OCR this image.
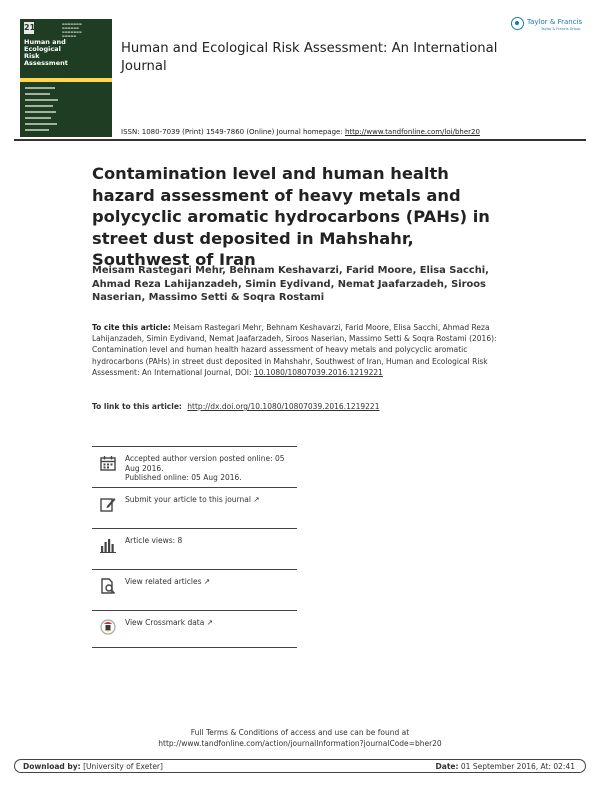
21	▬▬▬▬▬▬▬
▬▬▬▬▬▬
▬▬▬▬▬▬▬
▬▬▬▬▬
Human and
Ecological
Risk
Assessment
Human and Ecological Risk Assessment: An International Journal
ISSN: 1080-7039 (Print) 1549-7860 (Online) Journal homepage: http://www.tandfonline.com/loi/bher20
Taylor & Francis
Taylor & Francis Group
Contamination level and human health hazard assessment of heavy metals and polycyclic aromatic hydrocarbons (PAHs) in street dust deposited in Mahshahr, Southwest of Iran
Meisam Rastegari Mehr, Behnam Keshavarzi, Farid Moore, Elisa Sacchi, Ahmad Reza Lahijanzadeh, Simin Eydivand, Nemat Jaafarzadeh, Siroos Naserian, Massimo Setti & Soqra Rostami
To cite this article: Meisam Rastegari Mehr, Behnam Keshavarzi, Farid Moore, Elisa Sacchi, Ahmad Reza Lahijanzadeh, Simin Eydivand, Nemat Jaafarzadeh, Siroos Naserian, Massimo Setti & Soqra Rostami (2016): Contamination level and human health hazard assessment of heavy metals and polycyclic aromatic hydrocarbons (PAHs) in street dust deposited in Mahshahr, Southwest of Iran, Human and Ecological Risk Assessment: An International Journal, DOI: 10.1080/10807039.2016.1219221
To link to this article: http://dx.doi.org/10.1080/10807039.2016.1219221
Accepted author version posted online: 05 Aug 2016.
Published online: 05 Aug 2016.
Submit your article to this journal ↗
Article views: 8
View related articles ↗
View Crossmark data ↗
Full Terms & Conditions of access and use can be found at
http://www.tandfonline.com/action/journalInformation?journalCode=bher20
Download by: [University of Exeter]	Date: 01 September 2016, At: 02:41
